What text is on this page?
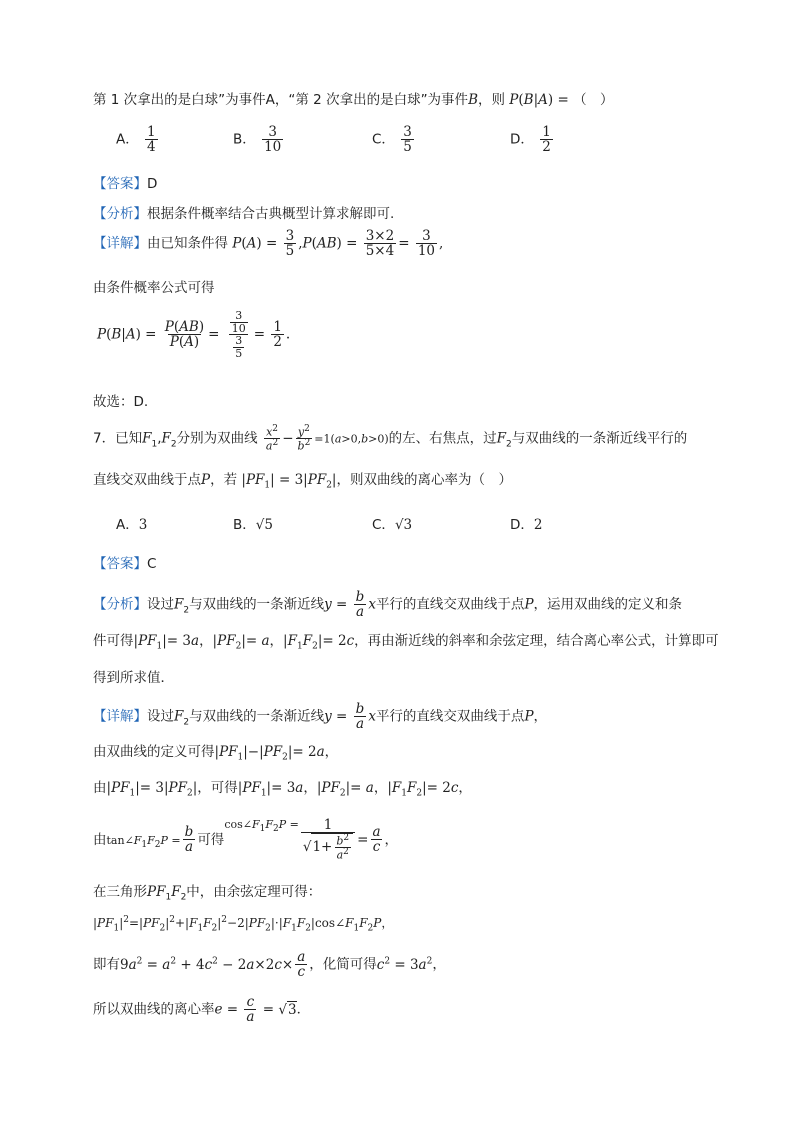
第 1 次拿出的是白球”为事件A，“第 2 次拿出的是白球”为事件B，则 P(B|A) = （　）
A． $\frac{1}{4}$	B． $\frac{3}{10}$	C． $\frac{3}{5}$	D． $\frac{1}{2}$
【答案】D
【分析】根据条件概率结合古典概型计算求解即可.
【详解】由已知条件得 $P(A) = \frac{3}{5} ,P(AB) = \frac{3\times 2}{5\times 4} = \frac{3}{10}$ ,
由条件概率公式可得
$P(B|A) = \frac{P(AB)}{P(A)} = \frac{\frac{3}{10}}{\frac{3}{5}} = \frac{1}{2}$ .
故选：D.
7．已知$F_1,F_2$分别为双曲线 $\frac{x^2}{a^2} - \frac{y^2}{b^2} =1(a>0,b>0)$的左、右焦点，过$F_2$与双曲线的一条渐近线平行的
直线交双曲线于点P，若 $|PF_1| = 3|PF_2|$，则双曲线的离心率为（　）
A．3	B．√5	C．√3	D．2
【答案】C
【分析】设过$F_2$与双曲线的一条渐近线$y = \frac{b}{a}$ x平行的直线交双曲线于点P，运用双曲线的定义和条
件可得$|PF_1|= 3a$，$|PF_2|= a$，$|F_1F_2|= 2c$，再由渐近线的斜率和余弦定理，结合离心率公式，计算即可
得到所求值．
【详解】设过$F_2$与双曲线的一条渐近线$y = \frac{b}{a}$ x平行的直线交双曲线于点P，
由双曲线的定义可得$|PF_1|-|PF_2|= 2a$，
由$|PF_1|= 3|PF_2|$，可得$|PF_1|= 3a$，$|PF_2|= a$，$|F_1F_2|= 2c$，
由$\tan\angle F_1F_2P = \frac{b}{a}$ 可得$^{cos\angle F_1F_2P =} \frac{1}{√1+ \frac{b^2}{a^2}} = \frac{a}{c}$ ，
在三角形$PF_1F_2$中，由余弦定理可得：
$|PF_1|^2=|PF_2|^2+|F_1F_2|^2-2|PF_2|\cdot|F_1F_2|\cos\angle F_1F_2P$，
即有$9a^2 = a^2 + 4c^2 - 2a\times 2c\times \frac{a}{c}$ ，化简可得$c^2 = 3a^2$，
所以双曲线的离心率$e = \frac{c}{a} = √3$．
